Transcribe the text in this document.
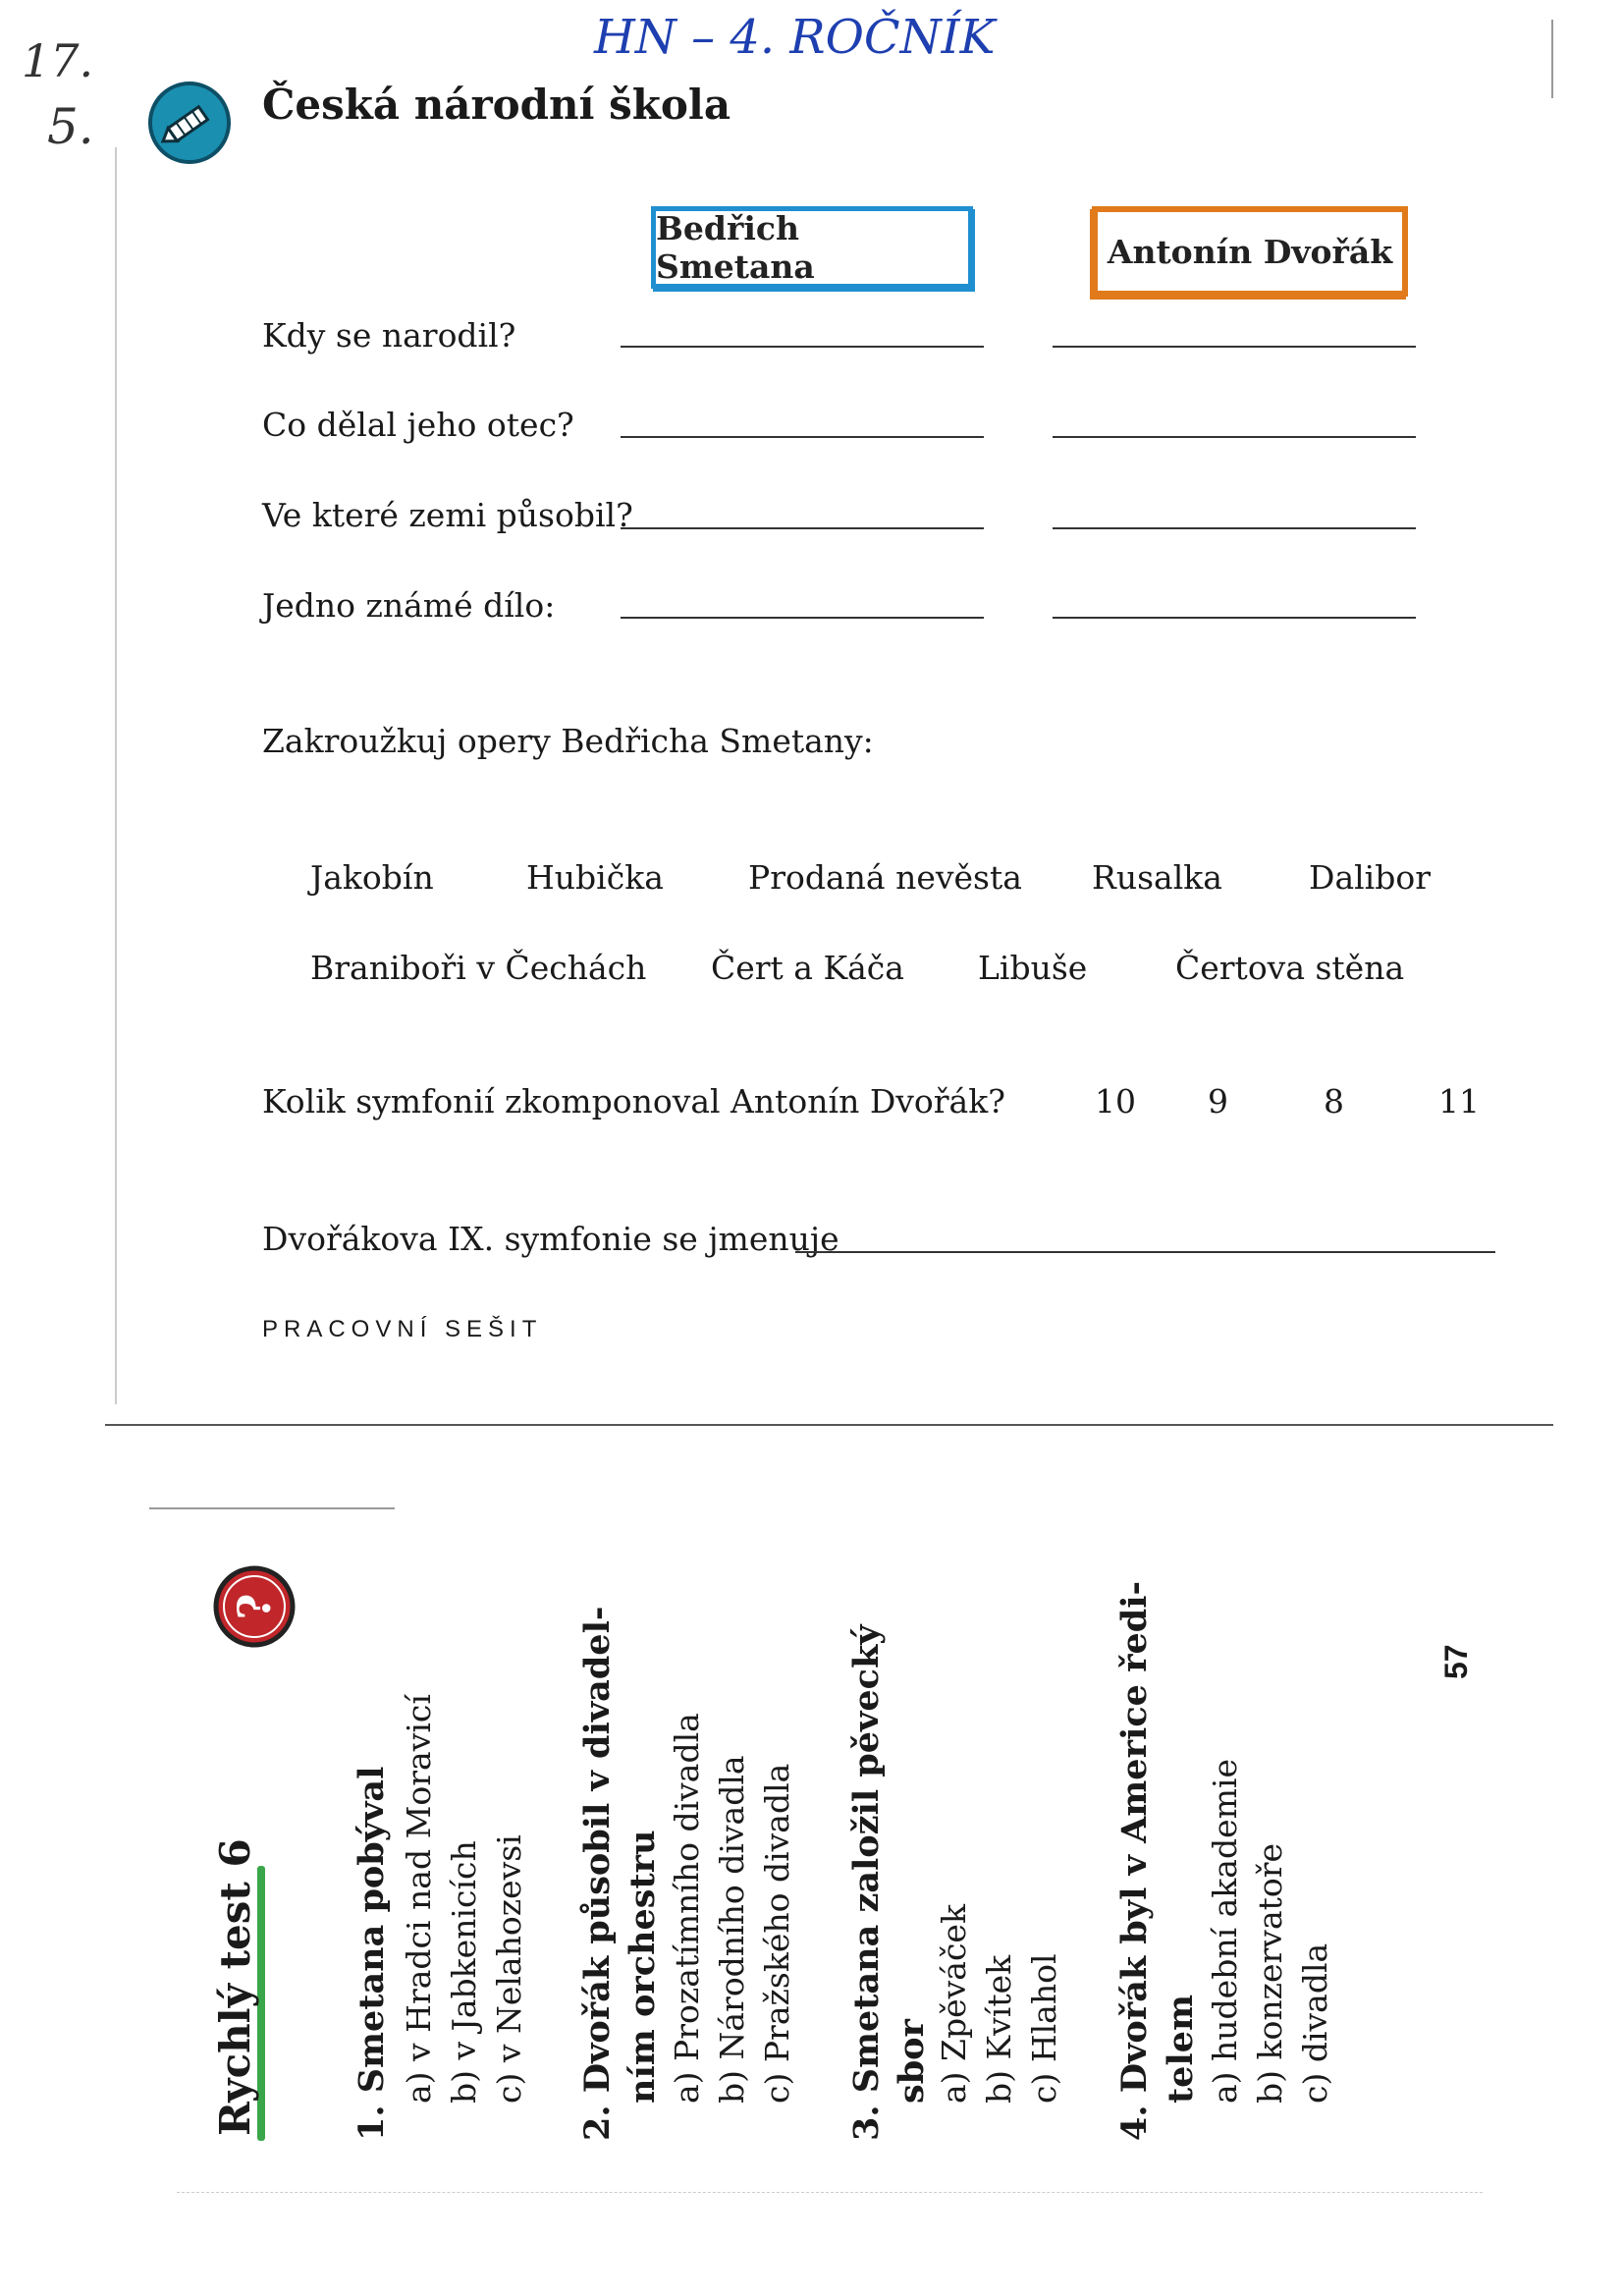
HN – 4. ROČNÍK
17.
5.	Česká národní škola
Bedřich Smetana	Antonín Dvořák
Kdy se narodil?
Co dělal jeho otec?
Ve které zemi působil?
Jedno známé dílo:
Zakroužkuj opery Bedřicha Smetany:
Jakobín	Hubička	Prodaná nevěsta Rusalka	Dalibor
Braniboři v Čechách Čert a Káča Libuše	Čertova stěna
Kolik symfonií zkomponoval Antonín Dvořák?	10 9	8	11
Dvořákova IX. symfonie se jmenuje
PRACOVNÍ SEŠIT
?
Rychlý test 6
57
1. Smetana pobýval a) v Hradci nad Moravicí b) v Jabkenicích c) v Nelahozevsi 2. Dvořák působil v divadel- ním orchestru a) Prozatímního divadla b) Národního divadla c) Pražského divadla 3. Smetana založil pěvecký sbor a) Zpěváček b) Kvítek c) Hlahol 4. Dvořák byl v Americe ředi- telem a) hudební akademie b) konzervatoře c) divadla
